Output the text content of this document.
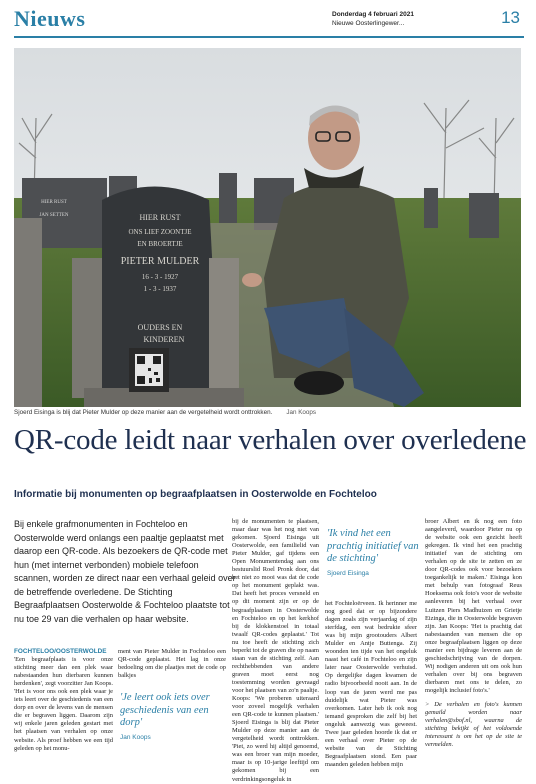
Nieuws	Donderdag 4 februari 2021
Nieuwe Oosterlingewer...	13
HIER RUST
JAN SETTEN	HIER RUST
ONS LIEF ZOONTJE
EN BROERTJE
PIETER MULDER
16 - 3 - 1927
1 - 3 - 1937
OUDERS EN
KINDEREN
Sjoerd Eisinga is blij dat Pieter Mulder op deze manier aan de vergetelheid wordt onttrokken. Jan Koops
QR-code leidt naar verhalen over overledene
Informatie bij monumenten op begraafplaatsen in Oosterwolde en Fochteloo
Bij enkele grafmonumenten in Fochteloo en Oosterwolde werd onlangs een paaltje geplaatst met daarop een QR-code. Als bezoekers de QR-code met hun (met internet verbonden) mobiele telefoon scannen, worden ze direct naar een verhaal geleid over de betreffende overledene. De Stichting Begraafplaatsen Oosterwolde & Fochteloo plaatste tot nu toe 29 van die verhalen op haar website.
FOCHTELOO/OOSTERWOLDE
'Een begraafplaats is voor onze stichting meer dan een plek waar nabestaanden hun dierbaren kunnen herdenken', zegt voorzitter Jan Koops. 'Het is voor ons ook een plek waar je iets leert over de geschiedenis van een dorp en over de levens van de mensen die er begraven liggen. Daarom zijn wij enkele jaren geleden gestart met het plaatsen van verhalen op onze website. Als proef hebben we een tijd geleden op het monu-
ment van Pieter Mulder in Fochteloo een QR-code geplaatst. Het lag in onze bedoeling om die plaatjes met de code op balkjes
'Je leert ook iets over geschiedenis van een dorp'
Jan Koops
bij de monumenten te plaatsen, maar daar was het nog niet van gekomen. Sjoerd Eisinga uit Oosterwolde, een familielid van Pieter Mulder, gaf tijdens een Open Monumentendag aan ons bestuurslid Roel Pronk door, dat het niet zo mooi was dat de code op het monument geplakt was. Dat heeft het proces versneld en op dit moment zijn er op de begraafplaatsen in Oosterwolde en Fochteloo en op het kerkhof bij de klokkenstoel in totaal twaalf QR-codes geplaatst.' Tot nu toe heeft de stichting zich beperkt tot de graven die op naam staan van de stichting zelf. Aan rechthebbenden van andere graven moet eerst nog toestemming worden gevraagd voor het plaatsen van zo'n paaltje. Koops: 'We proberen uiteraard voor zoveel mogelijk verhalen een QR-code te kunnen plaatsen.' Sjoerd Eisinga is blij dat Pieter Mulder op deze manier aan de vergetelheid wordt onttrokken. 'Piet, zo werd hij altijd genoemd, was een broer van mijn moeder, maar is op 10-jarige leeftijd om gekomen bij een verdrinkingsongeluk in
'Ik vind het een prachtig initiatief van de stichting'
Sjoerd Eisinga
het Fochteloërveen. Ik herinner me nog goed dat er op bijzondere dagen zoals zijn verjaardag of zijn sterfdag, een wat bedrukte sfeer was bij mijn grootouders Albert Mulder en Antje Buttenga. Zij woonden ten tijde van het ongeluk naast het café in Fochteloo en zijn later naar Oosterwolde verhuisd. Op dergelijke dagen kwamen de radio bijvoorbeeld nooit aan. In de loop van de jaren werd me pas duidelijk wat Pieter was overkomen. Later heb ik ook nog iemand gesproken die zelf bij het ongeluk aanwezig was geweest. Twee jaar geleden hoorde ik dat er een verhaal over Pieter op de website van de Stichting Begraafplaatsen stond. Een paar maanden geleden hebben mijn
broer Albert en ik nog een foto aangeleverd, waardoor Pieter nu op de website ook een gezicht heeft gekregen. Ik vind het een prachtig initiatief van de stichting om verhalen op de site te zetten en ze door QR-codes ook voor bezoekers toegankelijk te maken.' Eisinga kon met behulp van fotograaf Reus Hoeksema ook foto's voor de website aanleveren bij het verhaal over Luitzen Piers Madhuizen en Grietje Eizinga, die in Oosterwolde begraven zijn. Jan Koops: 'Het is prachtig dat nabestaanden van mensen die op onze begraafplaatsen liggen op deze manier een bijdrage leveren aan de geschiedschrijving van de dorpen. Wij nodigen anderen uit om ook hun verhalen over bij ons begraven dierbaren met ons te delen, zo mogelijk inclusief foto's.'
> De verhalen en foto's kunnen gemaild worden naar verhalen@sbof.nl, waarna de stichting bekijkt of het voldoende interessant is om het op de site te vermelden.
